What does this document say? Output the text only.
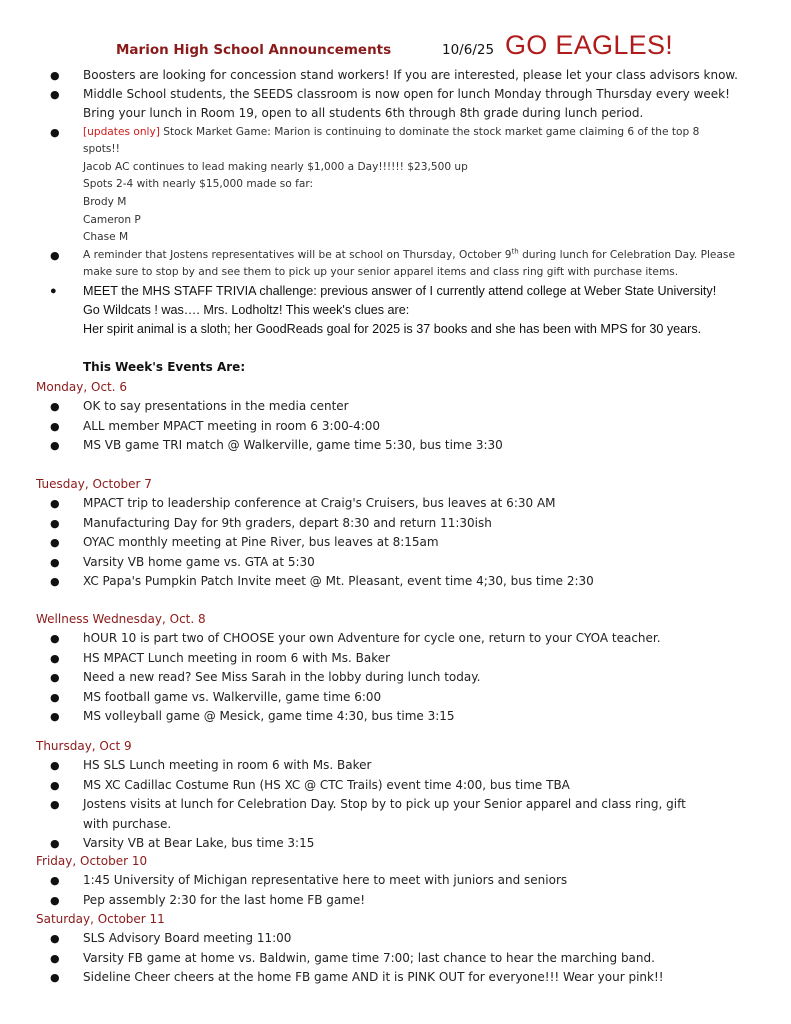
Marion High School Announcements	10/6/25 GO EAGLES!
● Boosters are looking for concession stand workers! If you are interested, please let your class advisors know.
● Middle School students, the SEEDS classroom is now open for lunch Monday through Thursday every week!
Bring your lunch in Room 19, open to all students 6th through 8th grade during lunch period.
● [updates only] Stock Market Game: Marion is continuing to dominate the stock market game claiming 6 of the top 8
spots!!
Jacob AC continues to lead making nearly $1,000 a Day!!!!!! $23,500 up
Spots 2-4 with nearly $15,000 made so far:
Brody M
Cameron P
Chase M
● A reminder that Jostens representatives will be at school on Thursday, October 9th during lunch for Celebration Day. Please
make sure to stop by and see them to pick up your senior apparel items and class ring gift with purchase items.
● MEET the MHS STAFF TRIVIA challenge: previous answer of I currently attend college at Weber State University!
Go Wildcats ! was…. Mrs. Lodholtz! This week's clues are:
Her spirit animal is a sloth; her GoodReads goal for 2025 is 37 books and she has been with MPS for 30 years.
This Week's Events Are:
Monday, Oct. 6
● OK to say presentations in the media center
● ALL member MPACT meeting in room 6 3:00-4:00
● MS VB game TRI match @ Walkerville, game time 5:30, bus time 3:30
Tuesday, October 7
● MPACT trip to leadership conference at Craig's Cruisers, bus leaves at 6:30 AM
● Manufacturing Day for 9th graders, depart 8:30 and return 11:30ish
● OYAC monthly meeting at Pine River, bus leaves at 8:15am
● Varsity VB home game vs. GTA at 5:30
● XC Papa's Pumpkin Patch Invite meet @ Mt. Pleasant, event time 4;30, bus time 2:30
Wellness Wednesday, Oct. 8
● hOUR 10 is part two of CHOOSE your own Adventure for cycle one, return to your CYOA teacher.
● HS MPACT Lunch meeting in room 6 with Ms. Baker
● Need a new read? See Miss Sarah in the lobby during lunch today.
● MS football game vs. Walkerville, game time 6:00
● MS volleyball game @ Mesick, game time 4:30, bus time 3:15
Thursday, Oct 9
● HS SLS Lunch meeting in room 6 with Ms. Baker
● MS XC Cadillac Costume Run (HS XC @ CTC Trails) event time 4:00, bus time TBA
● Jostens visits at lunch for Celebration Day. Stop by to pick up your Senior apparel and class ring, gift with purchase.
● Varsity VB at Bear Lake, bus time 3:15
Friday, October 10
● 1:45 University of Michigan representative here to meet with juniors and seniors
● Pep assembly 2:30 for the last home FB game!
Saturday, October 11
● SLS Advisory Board meeting 11:00
● Varsity FB game at home vs. Baldwin, game time 7:00; last chance to hear the marching band.
● Sideline Cheer cheers at the home FB game AND it is PINK OUT for everyone!!! Wear your pink!!
